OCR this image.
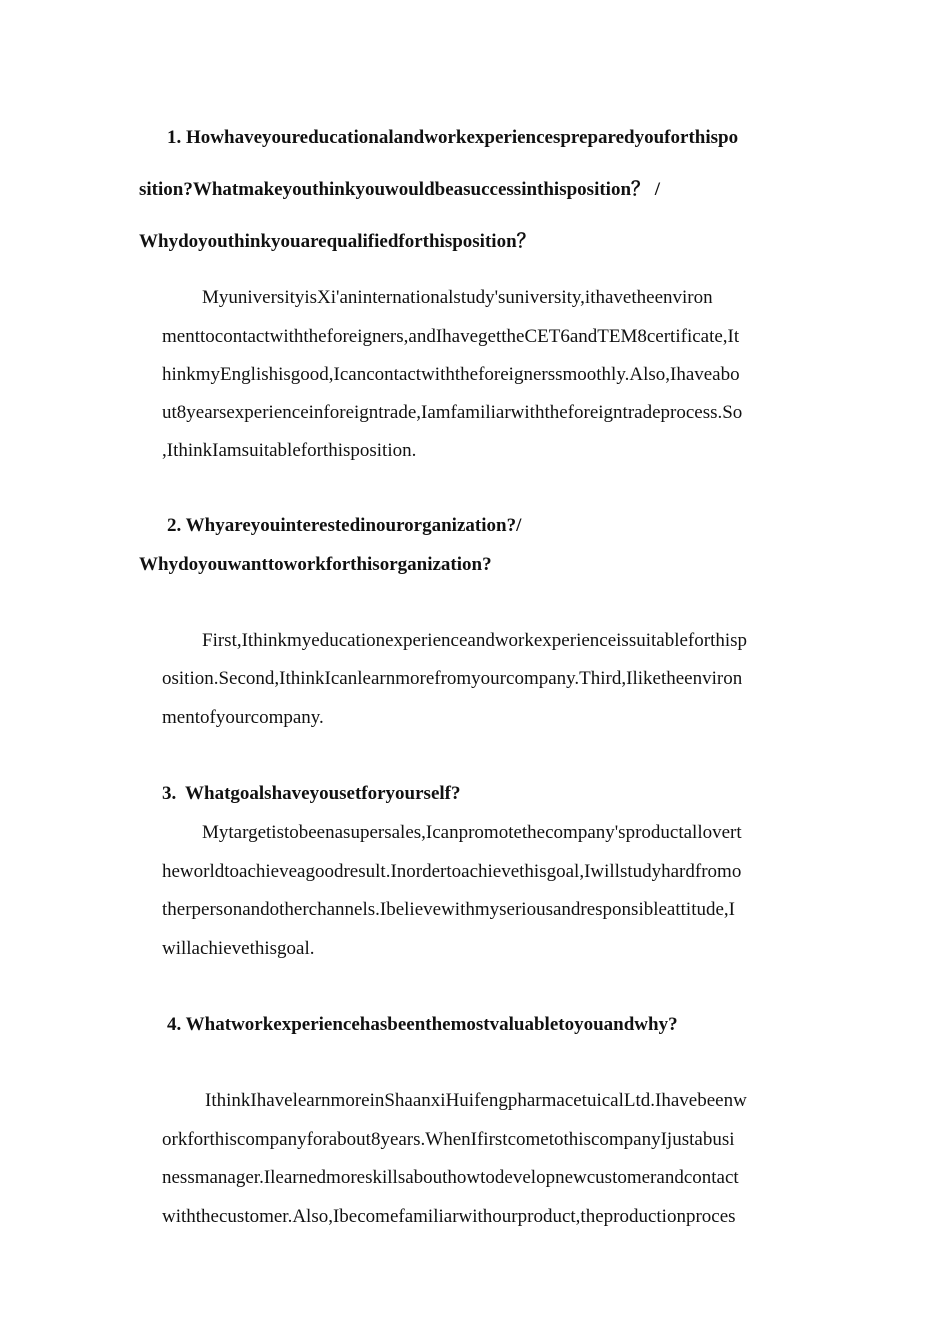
1. Howhaveyoureducationalandworkexperiencespreparedyouforthispo
sition?Whatmakeyouthinkyouwouldbeasuccessinthisposition？ /
Whydoyouthinkyouarequalifiedforthisposition？
MyuniversityisXi'aninternationalstudy'suniversity,ithavetheenviron
menttocontactwiththeforeigners,andIhavegettheCET6andTEM8certificate,It
hinkmyEnglishisgood,Icancontactwiththeforeignerssmoothly.Also,Ihaveabo
ut8yearsexperienceinforeigntrade,Iamfamiliarwiththeforeigntradeprocess.So
,IthinkIamsuitableforthisposition.
2. Whyareyouinterestedinourorganization?/
Whydoyouwanttoworkforthisorganization?
First,Ithinkmyeducationexperienceandworkexperienceissuitableforthisp
osition.Second,IthinkIcanlearnmorefromyourcompany.Third,Iliketheenviron
mentofyourcompany.
3. Whatgoalshaveyousetforyourself?
Mytargetistobeenasupersales,Icanpromotethecompany'sproductallovert
heworldtoachieveagoodresult.Inordertoachievethisgoal,Iwillstudyhardfromo
therpersonandotherchannels.Ibelievewithmyseriousandresponsibleattitude,I
willachievethisgoal.
4. Whatworkexperiencehasbeenthemostvaluabletoyouandwhy?
IthinkIhavelearnmoreinShaanxiHuifengpharmacetuicalLtd.Ihavebeenw
orkforthiscompanyforabout8years.WhenIfirstcometothiscompanyIjustabusi
nessmanager.Ilearnedmoreskillsabouthowtodevelopnewcustomerandcontact
withthecustomer.Also,Ibecomefamiliarwithourproduct,theproductionproces
